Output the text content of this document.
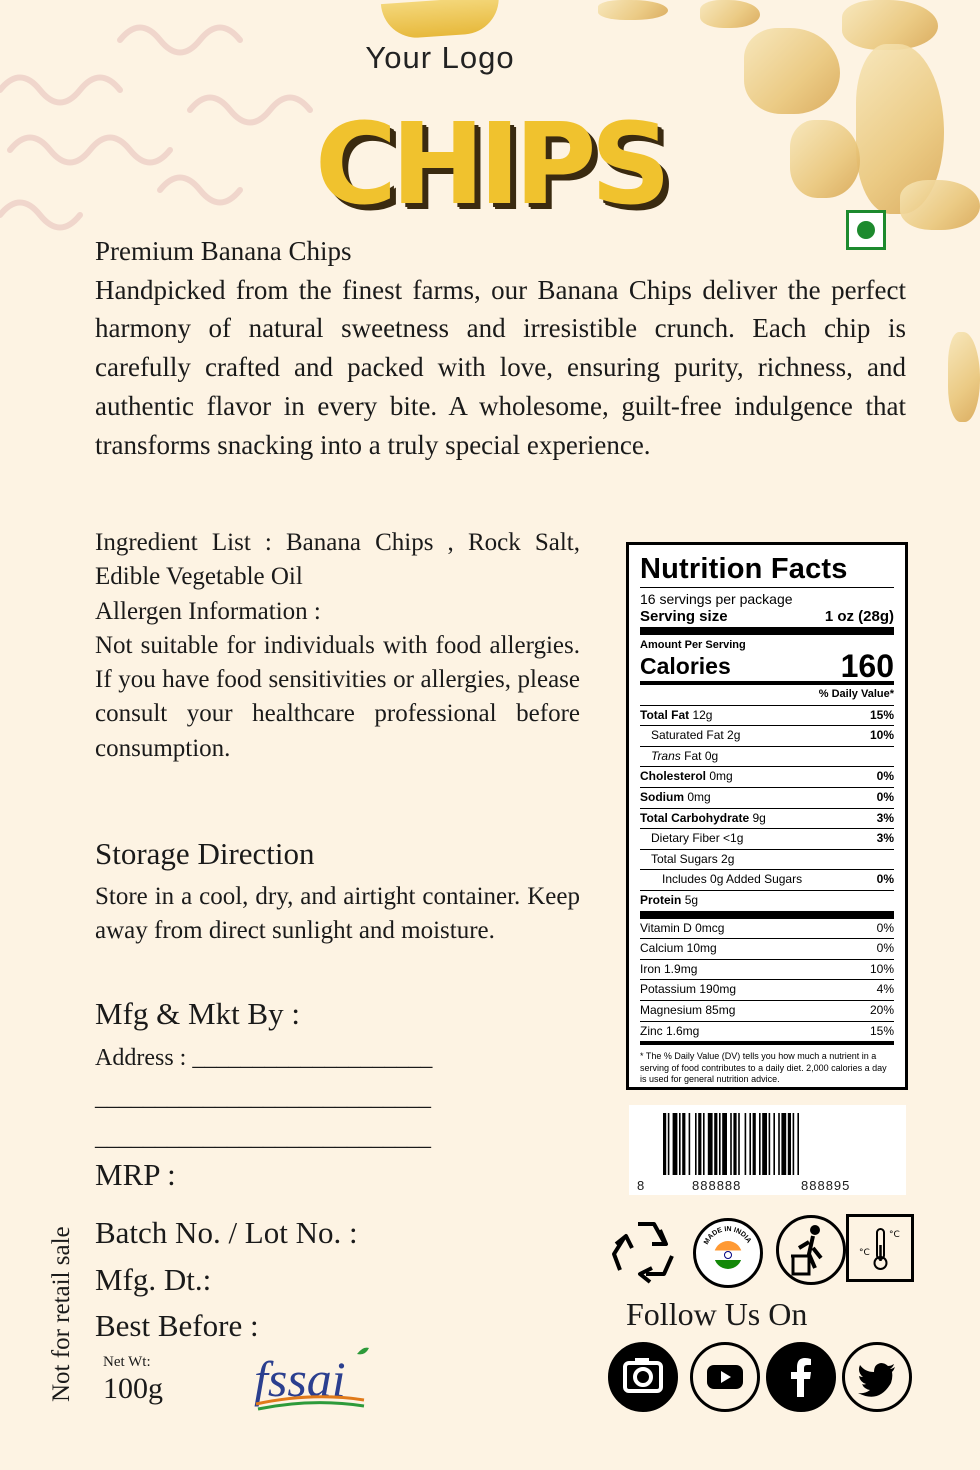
Your Logo
CHIPS
Premium Banana Chips
Handpicked from the finest farms, our Banana Chips deliver the perfect harmony of natural sweetness and irresistible crunch. Each chip is carefully crafted and packed with love, ensuring purity, richness, and authentic flavor in every bite. A wholesome, guilt-free indulgence that transforms snacking into a truly special experience.
Ingredient List : Banana Chips , Rock Salt, Edible Vegetable Oil
Allergen Information :
Not suitable for individuals with food allergies. If you have food sensitivities or allergies, please consult your healthcare professional before consumption.
Storage Direction
Store in a cool, dry, and airtight container. Keep away from direct sunlight and moisture.
Mfg & Mkt By :
Address : ____________________
____________________________
____________________________
MRP :
Batch No. / Lot No. :
Mfg. Dt.:
Best Before :
Not for retail sale Net Wt:
100g fssai
Nutrition Facts
16 servings per package
Serving size	1 oz (28g)
Amount Per Serving
Calories	160
% Daily Value*
Total Fat 12g	15%
Saturated Fat 2g	10%
Trans Fat 0g
Cholesterol 0mg	0%
Sodium 0mg	0%
Total Carbohydrate 9g	3%
Dietary Fiber <1g	3%
Total Sugars 2g
Includes 0g Added Sugars	0%
Protein 5g
Vitamin D 0mcg	0%
Calcium 10mg	0%
Iron 1.9mg	10%
Potassium 190mg	4%
Magnesium 85mg	20%
Zinc 1.6mg	15%
* The % Daily Value (DV) tells you how much a nutrient in a serving of food contributes to a daily diet. 2,000 calories a day is used for general nutrition advice.
8	888888	888895
MADE IN INDIA
°C
°C
Follow Us On
